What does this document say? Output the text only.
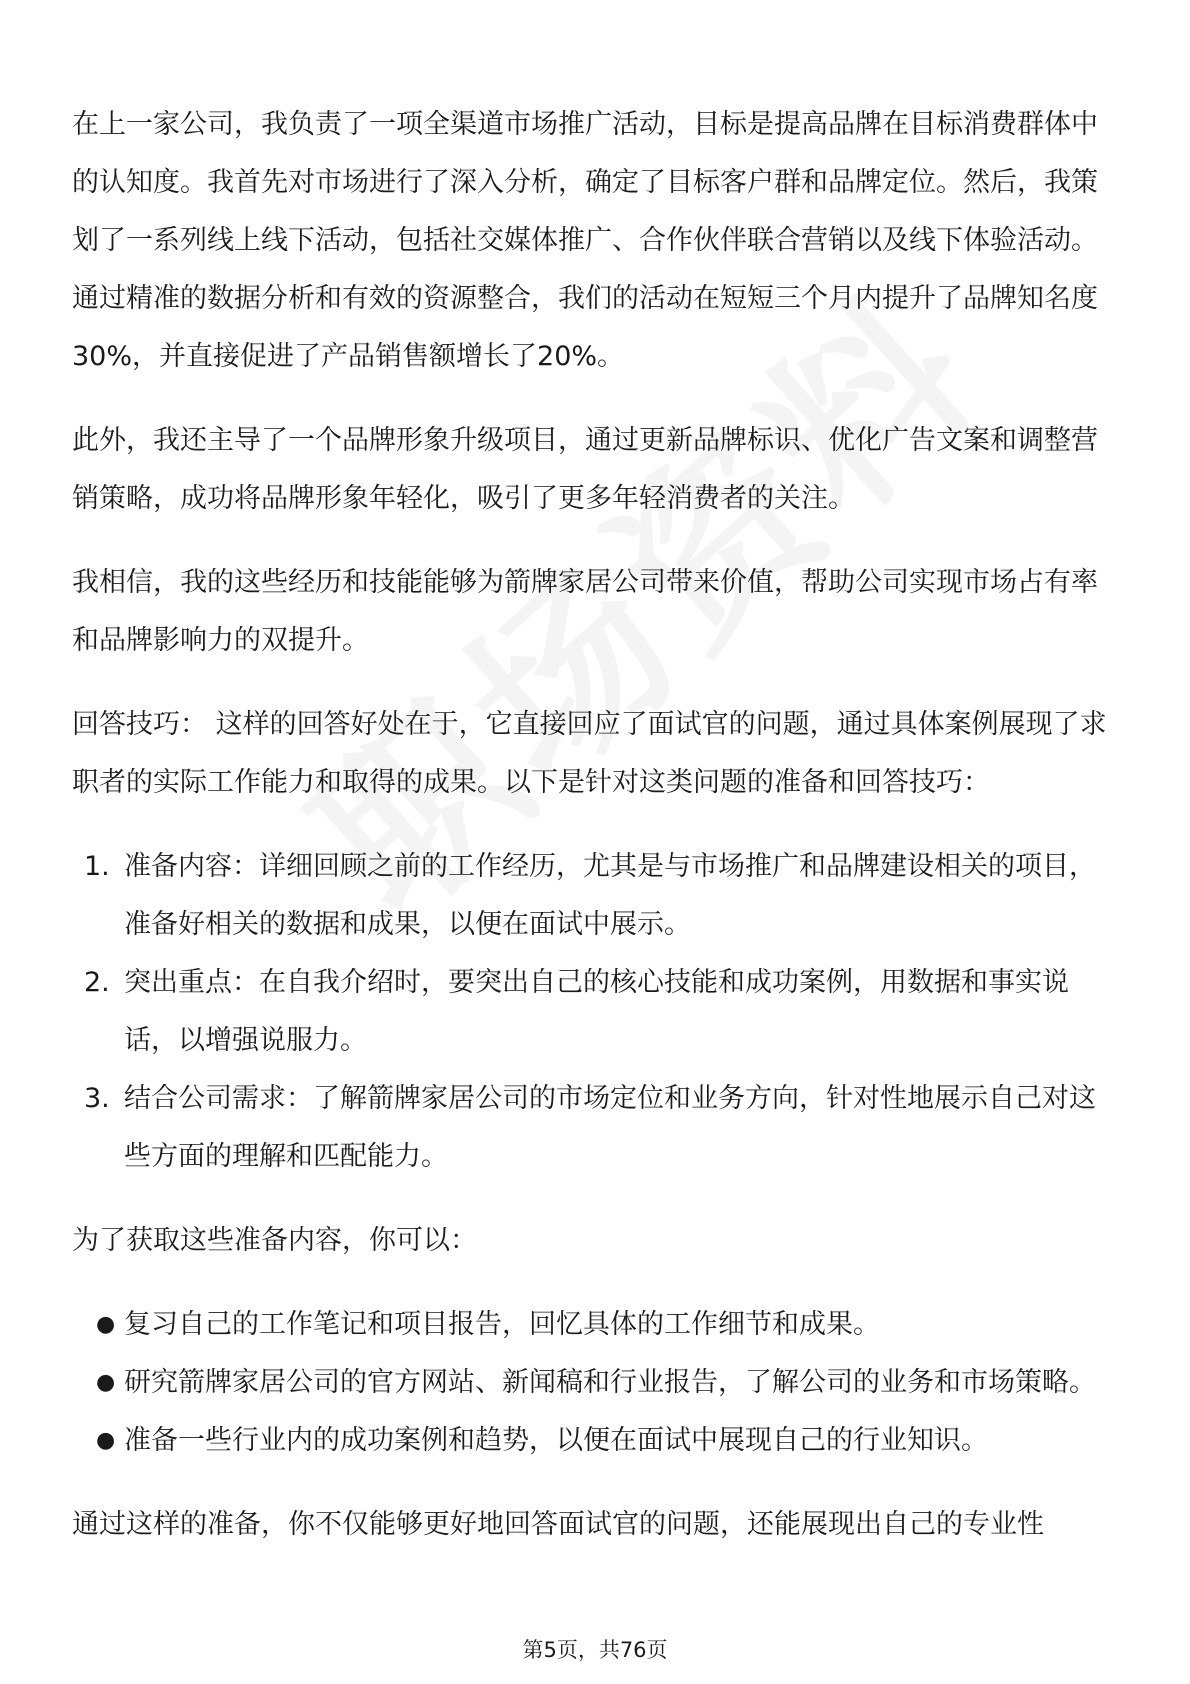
在上一家公司，我负责了一项全渠道市场推广活动，目标是提高品牌在目标消费群体中的认知度。我首先对市场进行了深入分析，确定了目标客户群和品牌定位。然后，我策划了一系列线上线下活动，包括社交媒体推广、合作伙伴联合营销以及线下体验活动。通过精准的数据分析和有效的资源整合，我们的活动在短短三个月内提升了品牌知名度30%，并直接促进了产品销售额增长了20%。

此外，我还主导了一个品牌形象升级项目，通过更新品牌标识、优化广告文案和调整营销策略，成功将品牌形象年轻化，吸引了更多年轻消费者的关注。

我相信，我的这些经历和技能能够为箭牌家居公司带来价值，帮助公司实现市场占有率和品牌影响力的双提升。

回答技巧： 这样的回答好处在于，它直接回应了面试官的问题，通过具体案例展现了求职者的实际工作能力和取得的成果。以下是针对这类问题的准备和回答技巧：

1. 准备内容：详细回顾之前的工作经历，尤其是与市场推广和品牌建设相关的项目，准备好相关的数据和成果，以便在面试中展示。
2. 突出重点：在自我介绍时，要突出自己的核心技能和成功案例，用数据和事实说话，以增强说服力。
3. 结合公司需求：了解箭牌家居公司的市场定位和业务方向，针对性地展示自己对这些方面的理解和匹配能力。

为了获取这些准备内容，你可以：

● 复习自己的工作笔记和项目报告，回忆具体的工作细节和成果。
● 研究箭牌家居公司的官方网站、新闻稿和行业报告，了解公司的业务和市场策略。
● 准备一些行业内的成功案例和趋势，以便在面试中展现自己的行业知识。

通过这样的准备，你不仅能够更好地回答面试官的问题，还能展现出自己的专业性

第5页，共76页
